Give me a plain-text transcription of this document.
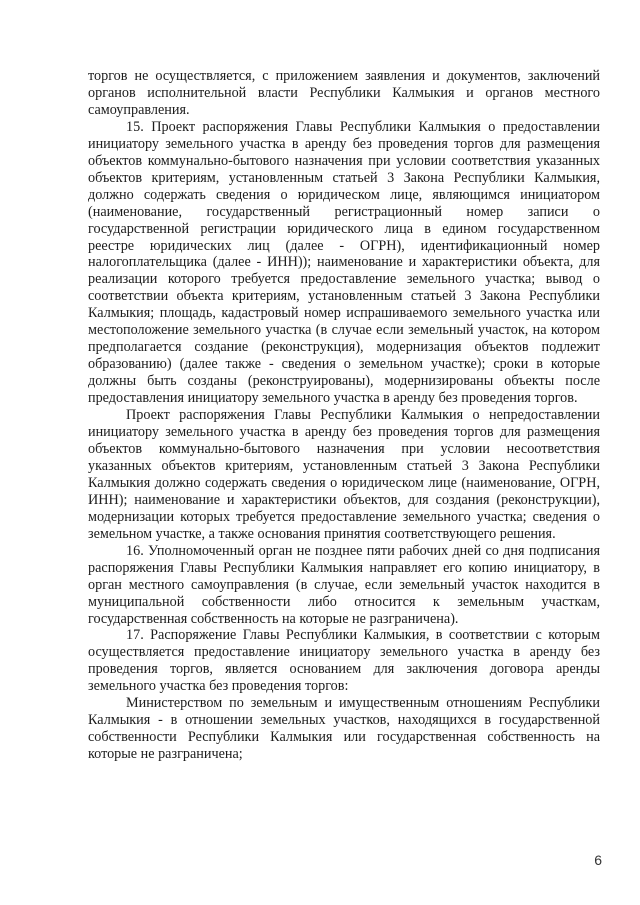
торгов не осуществляется, с приложением заявления и документов, заключений органов исполнительной власти Республики Калмыкия и органов местного самоуправления.

15. Проект распоряжения Главы Республики Калмыкия о предоставлении инициатору земельного участка в аренду без проведения торгов для размещения объектов коммунально-бытового назначения при условии соответствия указанных объектов критериям, установленным статьей 3 Закона Республики Калмыкия, должно содержать сведения о юридическом лице, являющимся инициатором (наименование, государственный регистрационный номер записи о государственной регистрации юридического лица в едином государственном реестре юридических лиц (далее - ОГРН), идентификационный номер налогоплательщика (далее - ИНН)); наименование и характеристики объекта, для реализации которого требуется предоставление земельного участка; вывод о соответствии объекта критериям, установленным статьей 3 Закона Республики Калмыкия; площадь, кадастровый номер испрашиваемого земельного участка или местоположение земельного участка (в случае если земельный участок, на котором предполагается создание (реконструкция), модернизация объектов подлежит образованию) (далее также - сведения о земельном участке); сроки в которые должны быть созданы (реконструированы), модернизированы объекты после предоставления инициатору земельного участка в аренду без проведения торгов.

Проект распоряжения Главы Республики Калмыкия о непредоставлении инициатору земельного участка в аренду без проведения торгов для размещения объектов коммунально-бытового назначения при условии несоответствия указанных объектов критериям, установленным статьей 3 Закона Республики Калмыкия должно содержать сведения о юридическом лице (наименование, ОГРН, ИНН); наименование и характеристики объектов, для создания (реконструкции), модернизации которых требуется предоставление земельного участка; сведения о земельном участке, а также основания принятия соответствующего решения.

16. Уполномоченный орган не позднее пяти рабочих дней со дня подписания распоряжения Главы Республики Калмыкия направляет его копию инициатору, в орган местного самоуправления (в случае, если земельный участок находится в муниципальной собственности либо относится к земельным участкам, государственная собственность на которые не разграничена).

17. Распоряжение Главы Республики Калмыкия, в соответствии с которым осуществляется предоставление инициатору земельного участка в аренду без проведения торгов, является основанием для заключения договора аренды земельного участка без проведения торгов:

Министерством по земельным и имущественным отношениям Республики Калмыкия - в отношении земельных участков, находящихся в государственной собственности Республики Калмыкия или государственная собственность на которые не разграничена;

6
